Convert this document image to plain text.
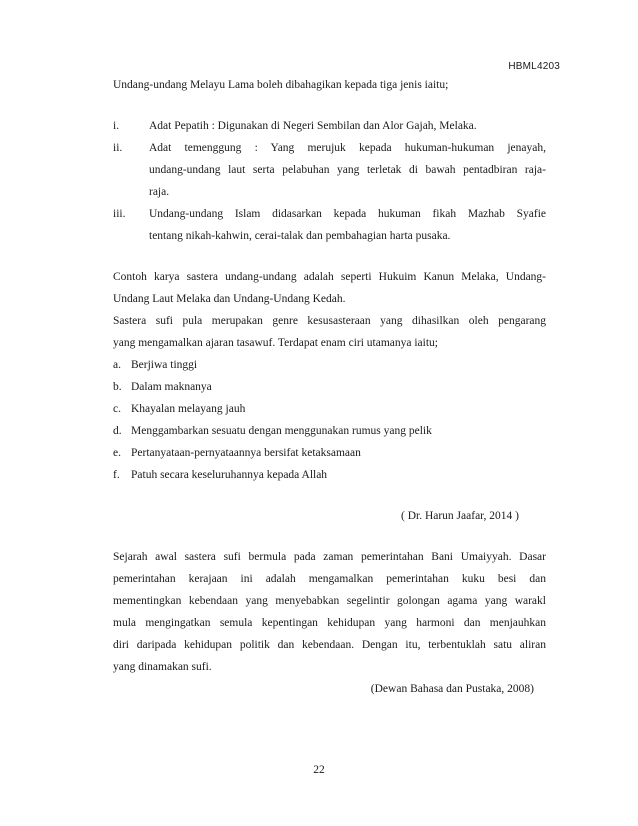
HBML4203

Undang-undang Melayu Lama boleh dibahagikan kepada tiga jenis iaitu;

i.	Adat Pepatih : Digunakan di Negeri Sembilan dan Alor Gajah, Melaka.

ii.	Adat temenggung : Yang merujuk kepada hukuman-hukuman jenayah,

undang-undang laut serta pelabuhan yang terletak di bawah pentadbiran raja-

raja.

iii.	Undang-undang Islam didasarkan kepada hukuman fikah Mazhab Syafie

tentang nikah-kahwin, cerai-talak dan pembahagian harta pusaka.

Contoh karya sastera undang-undang adalah seperti Hukuim Kanun Melaka, Undang-

Undang Laut Melaka dan Undang-Undang Kedah.

Sastera sufi pula merupakan genre kesusasteraan yang dihasilkan oleh pengarang

yang mengamalkan ajaran tasawuf. Terdapat enam ciri utamanya iaitu;

a. Berjiwa tinggi
b. Dalam maknanya
c. Khayalan melayang jauh
d. Menggambarkan sesuatu dengan menggunakan rumus yang pelik
e. Pertanyataan-pernyataannya bersifat ketaksamaan
f. Patuh secara keseluruhannya kepada Allah
( Dr. Harun Jaafar, 2014 )

Sejarah awal sastera sufi bermula pada zaman pemerintahan Bani Umaiyyah. Dasar

pemerintahan kerajaan ini adalah mengamalkan pemerintahan kuku besi dan

mementingkan kebendaan yang menyebabkan segelintir golongan agama yang warakl

mula mengingatkan semula kepentingan kehidupan yang harmoni dan menjauhkan

diri daripada kehidupan politik dan kebendaan. Dengan itu, terbentuklah satu aliran

yang dinamakan sufi.

(Dewan Bahasa dan Pustaka, 2008)
22
